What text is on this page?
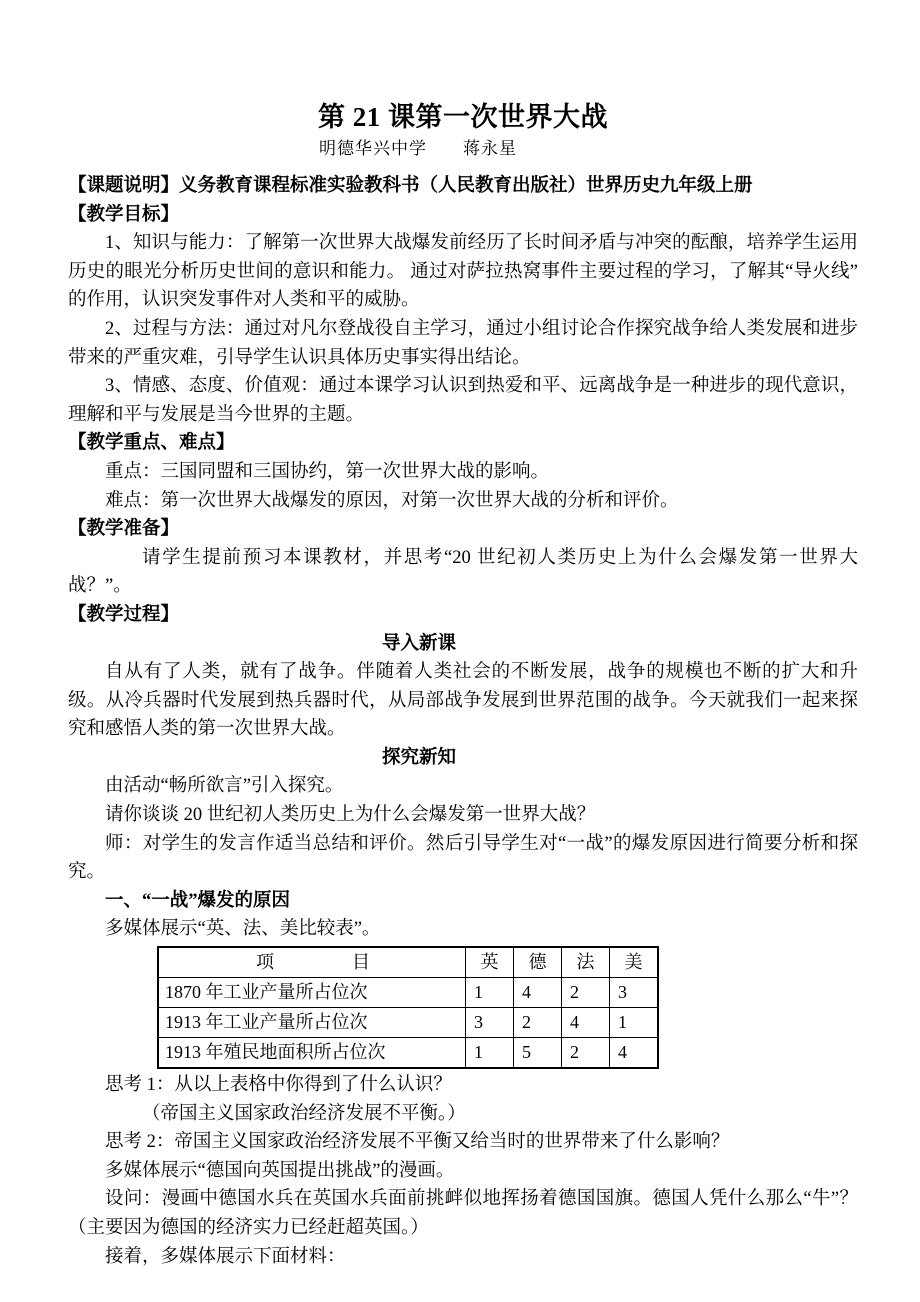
第 21 课第一次世界大战
明德华兴中学　　蒋永星

【课题说明】义务教育课程标准实验教科书（人民教育出版社）世界历史九年级上册

【教学目标】

1、知识与能力：了解第一次世界大战爆发前经历了长时间矛盾与冲突的酝酿，培养学生运用历史的眼光分析历史世间的意识和能力。 通过对萨拉热窝事件主要过程的学习，了解其“导火线”的作用，认识突发事件对人类和平的威胁。

2、过程与方法：通过对凡尔登战役自主学习，通过小组讨论合作探究战争给人类发展和进步带来的严重灾难，引导学生认识具体历史事实得出结论。

3、情感、态度、价值观：通过本课学习认识到热爱和平、远离战争是一种进步的现代意识，理解和平与发展是当今世界的主题。

【教学重点、难点】

重点：三国同盟和三国协约，第一次世界大战的影响。

难点：第一次世界大战爆发的原因，对第一次世界大战的分析和评价。

【教学准备】

请学生提前预习本课教材，并思考“20 世纪初人类历史上为什么会爆发第一世界大战？”。

【教学过程】

导入新课

自从有了人类，就有了战争。伴随着人类社会的不断发展，战争的规模也不断的扩大和升级。从冷兵器时代发展到热兵器时代，从局部战争发展到世界范围的战争。今天就我们一起来探究和感悟人类的第一次世界大战。

探究新知

由活动“畅所欲言”引入探究。

请你谈谈 20 世纪初人类历史上为什么会爆发第一世界大战？

师：对学生的发言作适当总结和评价。然后引导学生对“一战”的爆发原因进行简要分析和探究。

一、“一战”爆发的原因

多媒体展示“英、法、美比较表”。

项　　目	英	德	法	美
1870 年工业产量所占位次	1	4	2	3
1913 年工业产量所占位次	3	2	4	1
1913 年殖民地面积所占位次	1	5	2	4

思考 1：从以上表格中你得到了什么认识？

（帝国主义国家政治经济发展不平衡。）

思考 2：帝国主义国家政治经济发展不平衡又给当时的世界带来了什么影响？

多媒体展示“德国向英国提出挑战”的漫画。

设问：漫画中德国水兵在英国水兵面前挑衅似地挥扬着德国国旗。德国人凭什么那么“牛”？（主要因为德国的经济实力已经赶超英国。）

接着，多媒体展示下面材料：
